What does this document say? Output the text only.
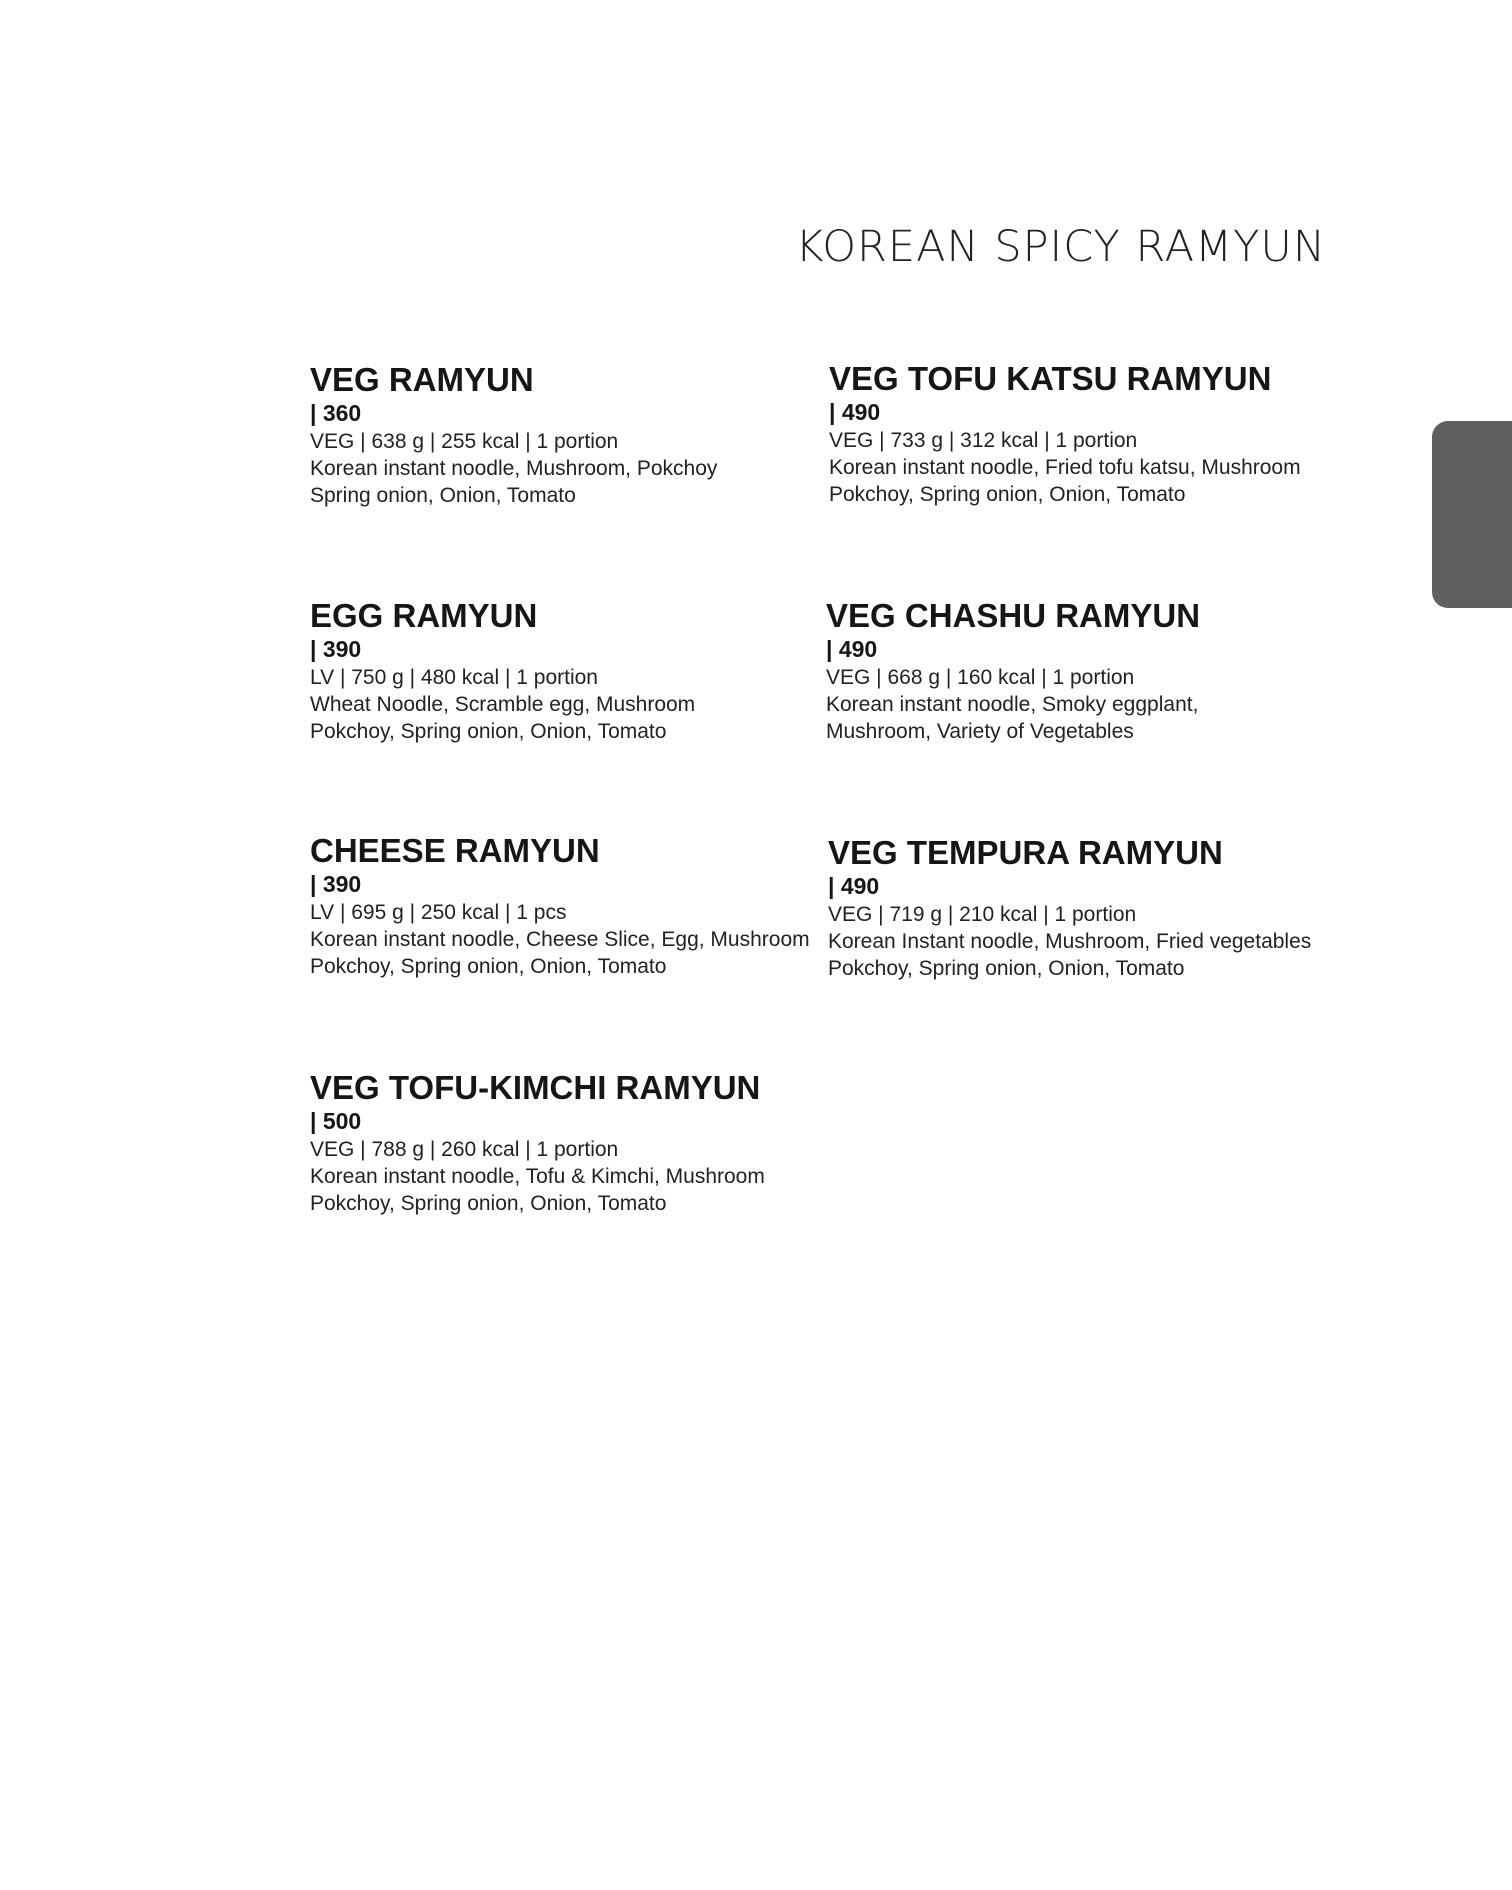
KOREAN SPICY RAMYUN
VEG RAMYUN
| 360
VEG | 638 g | 255 kcal | 1 portion
Korean instant noodle, Mushroom, Pokchoy
Spring onion, Onion, Tomato
VEG TOFU KATSU RAMYUN
| 490
VEG | 733 g | 312 kcal | 1 portion
Korean instant noodle, Fried tofu katsu, Mushroom
Pokchoy, Spring onion, Onion, Tomato
EGG RAMYUN
| 390
LV | 750 g | 480 kcal | 1 portion
Wheat Noodle, Scramble egg, Mushroom
Pokchoy, Spring onion, Onion, Tomato
VEG CHASHU RAMYUN
| 490
VEG | 668 g | 160 kcal | 1 portion
Korean instant noodle, Smoky eggplant,
Mushroom, Variety of Vegetables
CHEESE RAMYUN
| 390
LV | 695 g | 250 kcal | 1 pcs
Korean instant noodle, Cheese Slice, Egg, Mushroom
Pokchoy, Spring onion, Onion, Tomato
VEG TEMPURA RAMYUN
| 490
VEG | 719 g | 210 kcal | 1 portion
Korean Instant noodle, Mushroom, Fried vegetables
Pokchoy, Spring onion, Onion, Tomato
VEG TOFU-KIMCHI RAMYUN
| 500
VEG | 788 g | 260 kcal | 1 portion
Korean instant noodle, Tofu & Kimchi, Mushroom
Pokchoy, Spring onion, Onion, Tomato
